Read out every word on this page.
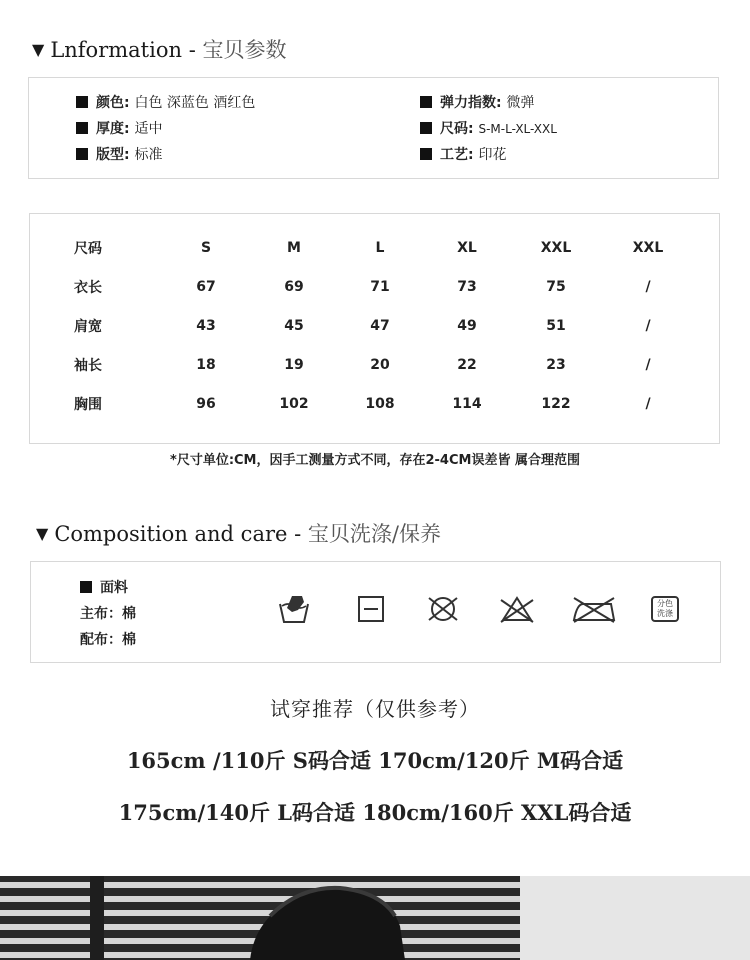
▼ Lnformation - 宝贝参数
颜色: 白色 深蓝色 酒红色
厚度: 适中
版型: 标准
弹力指数: 微弹
尺码: S-M-L-XL-XXL
工艺: 印花
尺码	S	M	L	XL	XXL	XXL
衣长	67	69	71	73	75	/
肩宽	43	45	47	49	51	/
袖长	18	19	20	22	23	/
胸围	96	102	108	114	122	/
*尺寸单位:CM，因手工测量方式不同，存在2-4CM误差皆 属合理范围
▼ Composition and care - 宝贝洗涤/保养
面料
主布：棉
配布：棉
分色
洗涤
试穿推荐（仅供参考）
165cm /110斤 S码合适 170cm/120斤 M码合适
175cm/140斤 L码合适 180cm/160斤 XXL码合适
